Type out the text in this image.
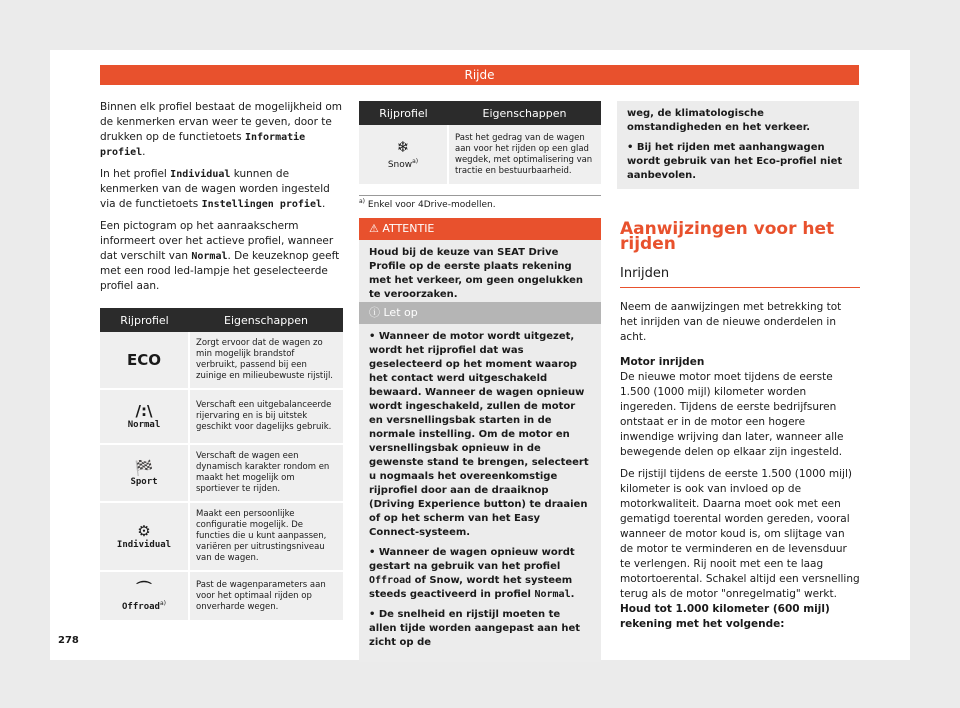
Rijde

Binnen elk profiel bestaat de mogelijkheid om de kenmerken ervan weer te geven, door te drukken op de functietoets Informatie profiel.

In het profiel Individual kunnen de kenmerken van de wagen worden ingesteld via de functietoets Instellingen profiel.

Een pictogram op het aanraakscherm informeert over het actieve profiel, wanneer dat verschilt van Normal. De keuzeknop geeft met een rood led-lampje het geselecteerde profiel aan.

Rijprofiel	Eigenschappen

ECO	Zorgt ervoor dat de wagen zo min mogelijk brandstof verbruikt, passend bij een zuinige en milieubewuste rijstijl.

/:\
Normal	Verschaft een uitgebalanceerde rijervaring en is bij uitstek geschikt voor dagelijks gebruik.

🏁
Sport	Verschaft de wagen een dynamisch karakter rondom en maakt het mogelijk om sportiever te rijden.

⚙
Individual	Maakt een persoonlijke configuratie mogelijk. De functies die u kunt aanpassen, variëren per uitrustingsniveau van de wagen.

⌒
Offroad$^{a)}$	Past de wagenparameters aan voor het optimaal rijden op onverharde wegen.
Rijprofiel	Eigenschappen

❄
Snow$^{a)}$	Past het gedrag van de wagen aan voor het rijden op een glad wegdek, met optimalisering van tractie en bestuurbaarheid.
$^{a)}$ Enkel voor 4Drive-modellen.
⚠ ATTENTIE
Houd bij de keuze van SEAT Drive Profile op de eerste plaats rekening met het verkeer, om geen ongelukken te veroorzaken.
ⓘ Let op

• Wanneer de motor wordt uitgezet, wordt het rijprofiel dat was geselecteerd op het moment waarop het contact werd uitgeschakeld bewaard. Wanneer de wagen opnieuw wordt ingeschakeld, zullen de motor en versnellingsbak starten in de normale instelling. Om de motor en versnellingsbak opnieuw in de gewenste stand te brengen, selecteert u nogmaals het overeenkomstige rijprofiel door aan de draaiknop (Driving Experience button) te draaien of op het scherm van het Easy Connect-systeem.

• Wanneer de wagen opnieuw wordt gestart na gebruik van het profiel Offroad of Snow, wordt het systeem steeds geactiveerd in profiel Normal.

• De snelheid en rijstijl moeten te allen tijde worden aangepast aan het zicht op de

weg, de klimatologische omstandigheden en het verkeer.

• Bij het rijden met aanhangwagen wordt gebruik van het Eco-profiel niet aanbevolen.

Aanwijzingen voor het rijden

Inrijden

Neem de aanwijzingen met betrekking tot het inrijden van de nieuwe onderdelen in acht.

Motor inrijden

De nieuwe motor moet tijdens de eerste 1.500 (1000 mijl) kilometer worden ingereden. Tijdens de eerste bedrijfsuren ontstaat er in de motor een hogere inwendige wrijving dan later, wanneer alle bewegende delen op elkaar zijn ingesteld.

De rijstijl tijdens de eerste 1.500 (1000 mijl) kilometer is ook van invloed op de motorkwaliteit. Daarna moet ook met een gematigd toerental worden gereden, vooral wanneer de motor koud is, om slijtage van de motor te verminderen en de levensduur te verlengen. Rij nooit met een te laag motortoerental. Schakel altijd een versnelling terug als de motor "onregelmatig" werkt. Houd tot 1.000 kilometer (600 mijl) rekening met het volgende:

278
